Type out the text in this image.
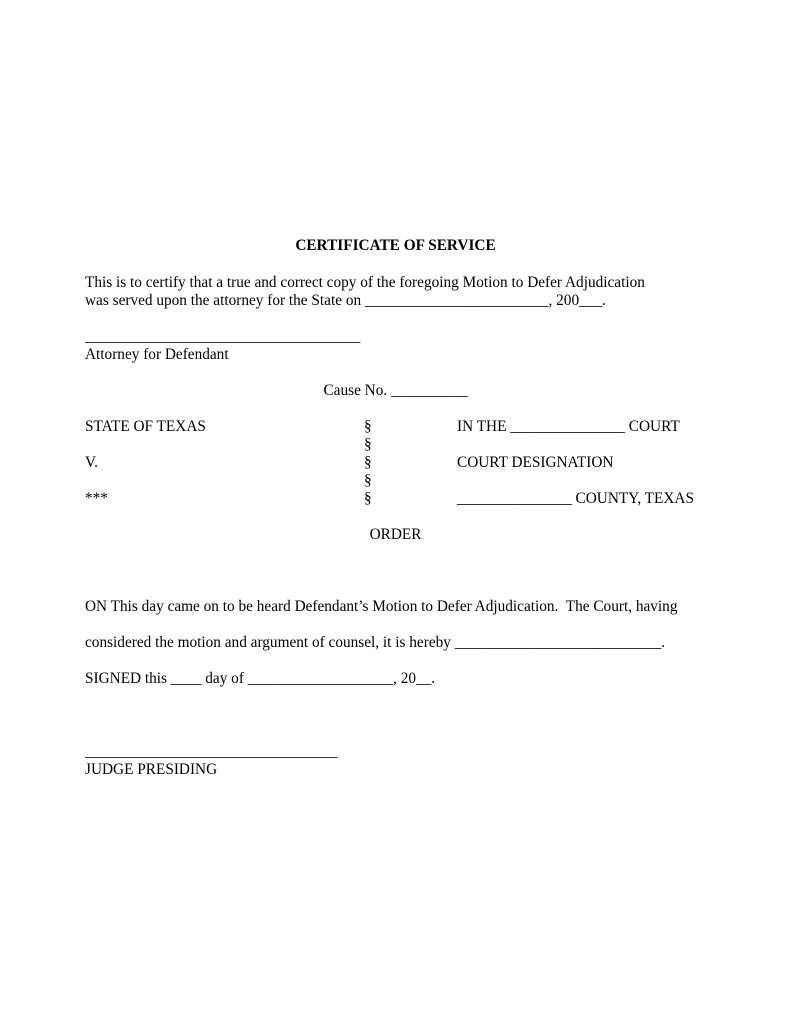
CERTIFICATE OF SERVICE
This is to certify that a true and correct copy of the foregoing Motion to Defer Adjudication
was served upon the attorney for the State on ________________________, 200___.
____________________________________
Attorney for Defendant
Cause No. __________
STATE OF TEXAS
V.
***
§
§
§
§
§
IN THE _______________ COURT
COURT DESIGNATION
_______________ COUNTY, TEXAS
ORDER
ON This day came on to be heard Defendant’s Motion to Defer Adjudication.  The Court, having
considered the motion and argument of counsel, it is hereby ___________________________.
SIGNED this ____ day of ___________________, 20__.
_________________________________
JUDGE PRESIDING
